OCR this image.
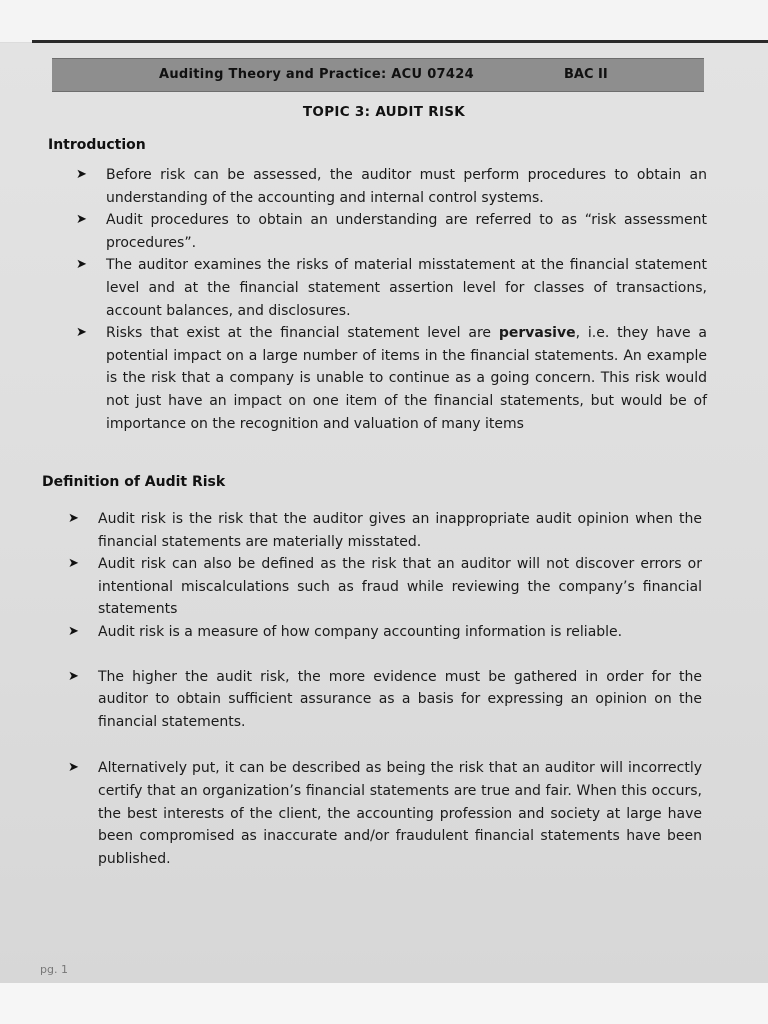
Auditing Theory and Practice: ACU 07424	BAC II
TOPIC 3: AUDIT RISK
Introduction
➤ Before risk can be assessed, the auditor must perform procedures to obtain an understanding of the accounting and internal control systems.
➤ Audit procedures to obtain an understanding are referred to as “risk assessment procedures”.
➤ The auditor examines the risks of material misstatement at the financial statement level and at the financial statement assertion level for classes of transactions, account balances, and disclosures.
➤ Risks that exist at the financial statement level are pervasive, i.e. they have a potential impact on a large number of items in the financial statements. An example is the risk that a company is unable to continue as a going concern. This risk would not just have an impact on one item of the financial statements, but would be of importance on the recognition and valuation of many items
Definition of Audit Risk
➤ Audit risk is the risk that the auditor gives an inappropriate audit opinion when the financial statements are materially misstated.
➤ Audit risk can also be defined as the risk that an auditor will not discover errors or intentional miscalculations such as fraud while reviewing the company’s financial statements
➤ Audit risk is a measure of how company accounting information is reliable.
➤ The higher the audit risk, the more evidence must be gathered in order for the auditor to obtain sufficient assurance as a basis for expressing an opinion on the financial statements.
➤ Alternatively put, it can be described as being the risk that an auditor will incorrectly certify that an organization’s financial statements are true and fair. When this occurs, the best interests of the client, the accounting profession and society at large have been compromised as inaccurate and/or fraudulent financial statements have been published.
pg. 1
